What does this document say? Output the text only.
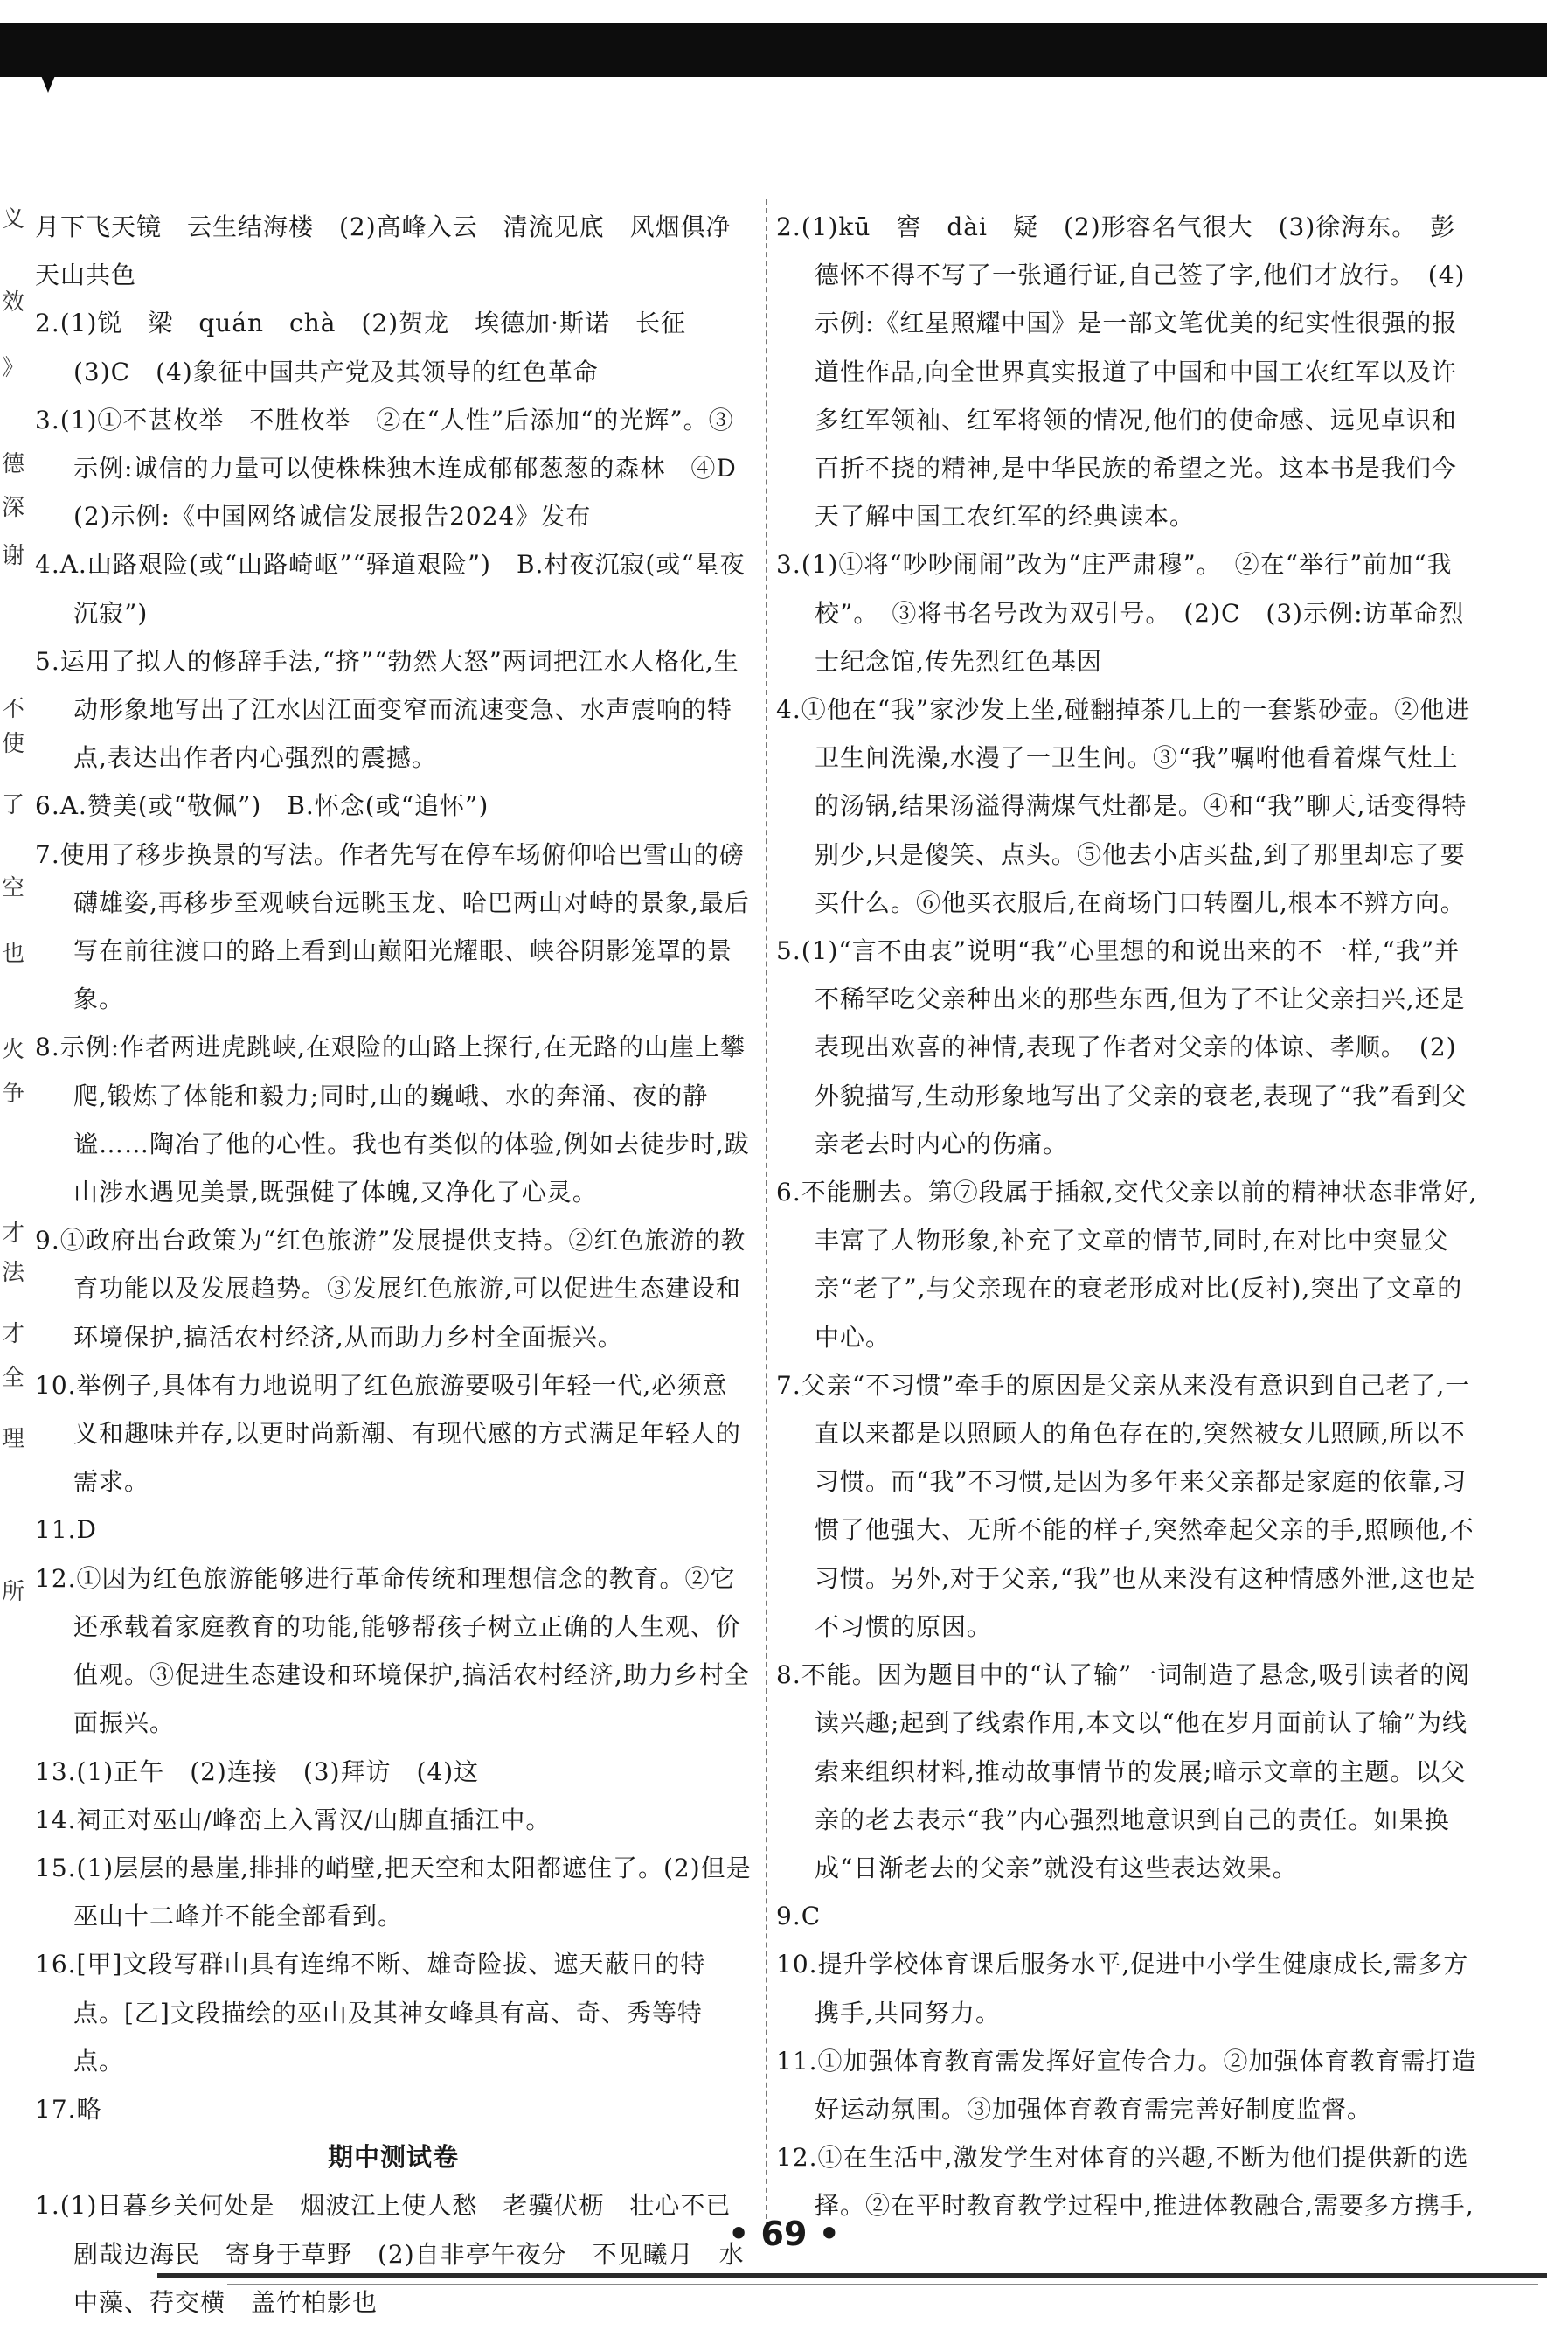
义
效
》
德
深
谢
不
使
了
空
也
火
争
才
法
才
全
理
所
月下飞天镜　云生结海楼　(2)高峰入云　清流见底　风烟俱净　天山共色
2.(1)锐　梁　quán　chà　(2)贺龙　埃德加·斯诺　长征　(3)C　(4)象征中国共产党及其领导的红色革命
3.(1)①不甚枚举　不胜枚举　②在“人性”后添加“的光辉”。③示例:诚信的力量可以使株株独木连成郁郁葱葱的森林　④D　(2)示例:《中国网络诚信发展报告2024》发布
4.A.山路艰险(或“山路崎岖”“驿道艰险”)　B.村夜沉寂(或“星夜沉寂”)
5.运用了拟人的修辞手法,“挤”“勃然大怒”两词把江水人格化,生动形象地写出了江水因江面变窄而流速变急、水声震响的特点,表达出作者内心强烈的震撼。
6.A.赞美(或“敬佩”)　B.怀念(或“追怀”)
7.使用了移步换景的写法。作者先写在停车场俯仰哈巴雪山的磅礴雄姿,再移步至观峡台远眺玉龙、哈巴两山对峙的景象,最后写在前往渡口的路上看到山巅阳光耀眼、峡谷阴影笼罩的景象。
8.示例:作者两进虎跳峡,在艰险的山路上探行,在无路的山崖上攀爬,锻炼了体能和毅力;同时,山的巍峨、水的奔涌、夜的静谧……陶冶了他的心性。我也有类似的体验,例如去徒步时,跋山涉水遇见美景,既强健了体魄,又净化了心灵。
9.①政府出台政策为“红色旅游”发展提供支持。②红色旅游的教育功能以及发展趋势。③发展红色旅游,可以促进生态建设和环境保护,搞活农村经济,从而助力乡村全面振兴。
10.举例子,具体有力地说明了红色旅游要吸引年轻一代,必须意义和趣味并存,以更时尚新潮、有现代感的方式满足年轻人的需求。
11.D
12.①因为红色旅游能够进行革命传统和理想信念的教育。②它还承载着家庭教育的功能,能够帮孩子树立正确的人生观、价值观。③促进生态建设和环境保护,搞活农村经济,助力乡村全面振兴。
13.(1)正午　(2)连接　(3)拜访　(4)这
14.祠正对巫山/峰峦上入霄汉/山脚直插江中。
15.(1)层层的悬崖,排排的峭壁,把天空和太阳都遮住了。(2)但是巫山十二峰并不能全部看到。
16.[甲]文段写群山具有连绵不断、雄奇险拔、遮天蔽日的特点。[乙]文段描绘的巫山及其神女峰具有高、奇、秀等特点。
17.略
期中测试卷
1.(1)日暮乡关何处是　烟波江上使人愁　老骥伏枥　壮心不已　剧哉边海民　寄身于草野　(2)自非亭午夜分　不见曦月　水中藻、荇交横　盖竹柏影也
2.(1)kū　窖　dài　疑　(2)形容名气很大　(3)徐海东。　彭德怀不得不写了一张通行证,自己签了字,他们才放行。　(4)示例:《红星照耀中国》是一部文笔优美的纪实性很强的报道性作品,向全世界真实报道了中国和中国工农红军以及许多红军领袖、红军将领的情况,他们的使命感、远见卓识和百折不挠的精神,是中华民族的希望之光。这本书是我们今天了解中国工农红军的经典读本。
3.(1)①将“吵吵闹闹”改为“庄严肃穆”。　②在“举行”前加“我校”。　③将书名号改为双引号。　(2)C　(3)示例:访革命烈士纪念馆,传先烈红色基因
4.①他在“我”家沙发上坐,碰翻掉茶几上的一套紫砂壶。②他进卫生间洗澡,水漫了一卫生间。③“我”嘱咐他看着煤气灶上的汤锅,结果汤溢得满煤气灶都是。④和“我”聊天,话变得特别少,只是傻笑、点头。⑤他去小店买盐,到了那里却忘了要买什么。⑥他买衣服后,在商场门口转圈儿,根本不辨方向。
5.(1)“言不由衷”说明“我”心里想的和说出来的不一样,“我”并不稀罕吃父亲种出来的那些东西,但为了不让父亲扫兴,还是表现出欢喜的神情,表现了作者对父亲的体谅、孝顺。　(2)外貌描写,生动形象地写出了父亲的衰老,表现了“我”看到父亲老去时内心的伤痛。
6.不能删去。第⑦段属于插叙,交代父亲以前的精神状态非常好,丰富了人物形象,补充了文章的情节,同时,在对比中突显父亲“老了”,与父亲现在的衰老形成对比(反衬),突出了文章的中心。
7.父亲“不习惯”牵手的原因是父亲从来没有意识到自己老了,一直以来都是以照顾人的角色存在的,突然被女儿照顾,所以不习惯。而“我”不习惯,是因为多年来父亲都是家庭的依靠,习惯了他强大、无所不能的样子,突然牵起父亲的手,照顾他,不习惯。另外,对于父亲,“我”也从来没有这种情感外泄,这也是不习惯的原因。
8.不能。因为题目中的“认了输”一词制造了悬念,吸引读者的阅读兴趣;起到了线索作用,本文以“他在岁月面前认了输”为线索来组织材料,推动故事情节的发展;暗示文章的主题。以父亲的老去表示“我”内心强烈地意识到自己的责任。如果换成“日渐老去的父亲”就没有这些表达效果。
9.C
10.提升学校体育课后服务水平,促进中小学生健康成长,需多方携手,共同努力。
11.①加强体育教育需发挥好宣传合力。②加强体育教育需打造好运动氛围。③加强体育教育需完善好制度监督。
12.①在生活中,激发学生对体育的兴趣,不断为他们提供新的选择。②在平时教育教学过程中,推进体教融合,需要多方携手,
• 69 •
